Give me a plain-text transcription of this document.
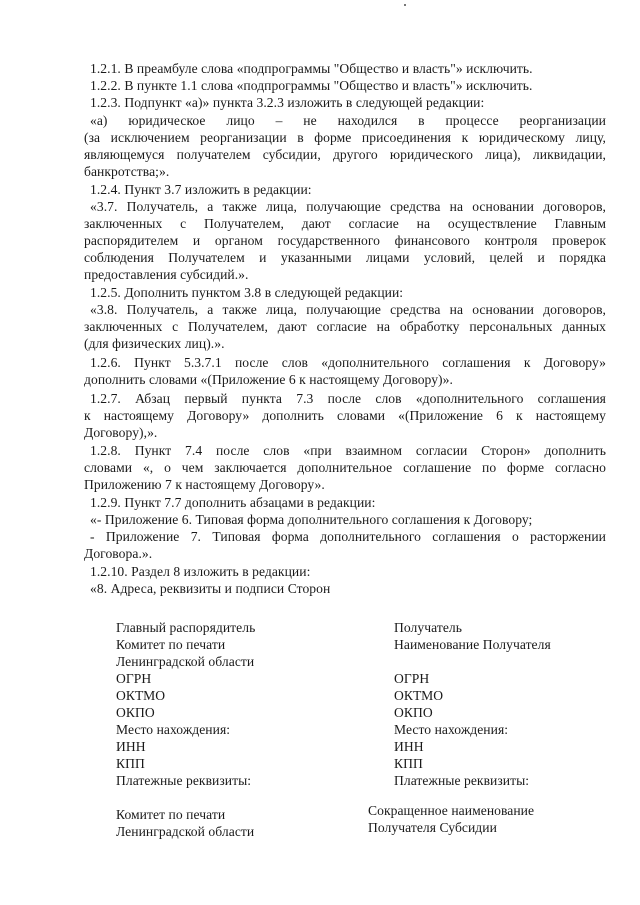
1.2.1. В преамбуле слова «подпрограммы "Общество и власть"» исключить.
1.2.2. В пункте 1.1 слова «подпрограммы "Общество и власть"» исключить.
1.2.3. Подпункт «а)» пункта 3.2.3 изложить в следующей редакции:
«а) юридическое лицо – не находился в процессе реорганизации
(за исключением реорганизации в форме присоединения к юридическому лицу,
являющемуся получателем субсидии, другого юридического лица), ликвидации,
банкротства;».
1.2.4. Пункт 3.7 изложить в редакции:
«3.7. Получатель, а также лица, получающие средства на основании договоров,
заключенных с Получателем, дают согласие на осуществление Главным
распорядителем и органом государственного финансового контроля проверок
соблюдения Получателем и указанными лицами условий, целей и порядка
предоставления субсидий.».
1.2.5. Дополнить пунктом 3.8 в следующей редакции:
«3.8. Получатель, а также лица, получающие средства на основании договоров,
заключенных с Получателем, дают согласие на обработку персональных данных
(для физических лиц).».
1.2.6. Пункт 5.3.7.1 после слов «дополнительного соглашения к Договору»
дополнить словами «(Приложение 6 к настоящему Договору)».
1.2.7. Абзац первый пункта 7.3 после слов «дополнительного соглашения
к настоящему Договору» дополнить словами «(Приложение 6 к настоящему
Договору),».
1.2.8. Пункт 7.4 после слов «при взаимном согласии Сторон» дополнить
словами «, о чем заключается дополнительное соглашение по форме согласно
Приложению 7 к настоящему Договору».
1.2.9. Пункт 7.7 дополнить абзацами в редакции:
«- Приложение 6. Типовая форма дополнительного соглашения к Договору;
- Приложение 7. Типовая форма дополнительного соглашения о расторжении
Договора.».
1.2.10. Раздел 8 изложить в редакции:
«8. Адреса, реквизиты и подписи Сторон
Главный распорядитель
Комитет по печати
Ленинградской области
ОГРН
ОКТМО
ОКПО
Место нахождения:
ИНН
КПП
Платежные реквизиты:
Комитет по печати
Ленинградской области
Получатель
Наименование Получателя
ОГРН
ОКТМО
ОКПО
Место нахождения:
ИНН
КПП
Платежные реквизиты:
Сокращенное наименование
Получателя Субсидии
